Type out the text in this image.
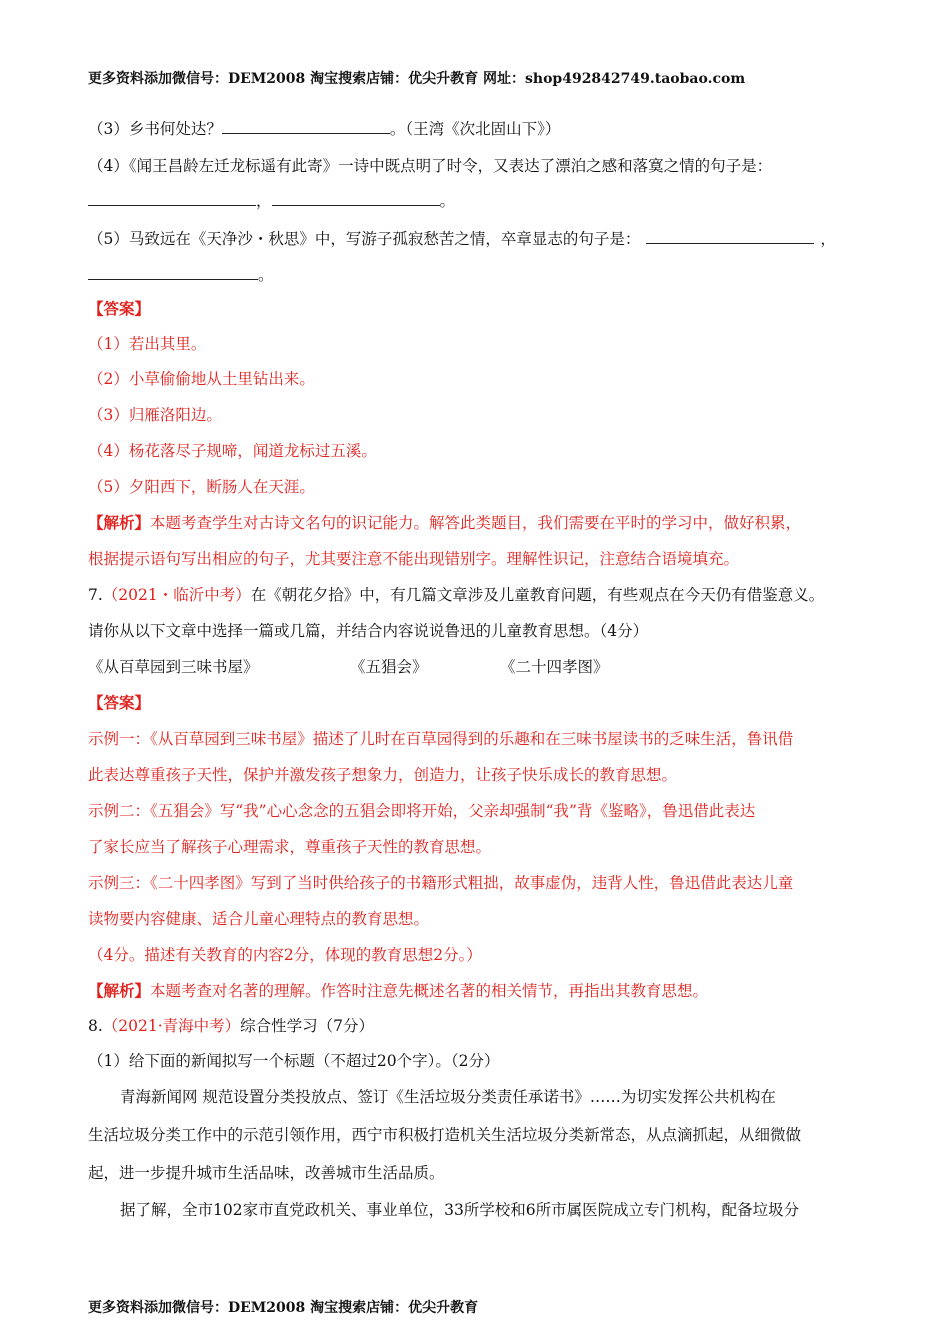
更多资料添加微信号：DEM2008 淘宝搜索店铺：优尖升教育 网址：shop492842749.taobao.com
（3）乡书何处达？	。（王湾《次北固山下》）
（4）《闻王昌龄左迁龙标遥有此寄》一诗中既点明了时令，又表达了漂泊之感和落寞之情的句子是：
，	。
（5）马致远在《天净沙・秋思》中，写游子孤寂愁苦之情，卒章显志的句子是：	，
。
【答案】
（1）若出其里。
（2）小草偷偷地从土里钻出来。
（3）归雁洛阳边。
（4）杨花落尽子规啼，闻道龙标过五溪。
（5）夕阳西下，断肠人在天涯。
【解析】本题考查学生对古诗文名句的识记能力。解答此类题目，我们需要在平时的学习中，做好积累，
根据提示语句写出相应的句子，尤其要注意不能出现错别字。理解性识记，注意结合语境填充。
7.（2021・临沂中考）在《朝花夕拾》中，有几篇文章涉及儿童教育问题，有些观点在今天仍有借鉴意义。
请你从以下文章中选择一篇或几篇，并结合内容说说鲁迅的儿童教育思想。（4分）
《从百草园到三味书屋》	《五猖会》	《二十四孝图》
【答案】
示例一：《从百草园到三味书屋》描述了儿时在百草园得到的乐趣和在三味书屋读书的乏味生活，鲁讯借
此表达尊重孩子天性，保护并激发孩子想象力，创造力，让孩子快乐成长的教育思想。
示例二：《五猖会》写“我”心心念念的五猖会即将开始，父亲却强制“我”背《鉴略》，鲁迅借此表达
了家长应当了解孩子心理需求，尊重孩子天性的教育思想。
示例三：《二十四孝图》写到了当时供给孩子的书籍形式粗拙，故事虚伪，违背人性，鲁迅借此表达儿童
读物要内容健康、适合儿童心理特点的教育思想。
（4分。描述有关教育的内容2分，体现的教育思想2分。）
【解析】本题考查对名著的理解。作答时注意先概述名著的相关情节，再指出其教育思想。
8.（2021·青海中考）综合性学习（7分）
（1）给下面的新闻拟写一个标题（不超过20个字）。（2分）
青海新闻网 规范设置分类投放点、签订《生活垃圾分类责任承诺书》……为切实发挥公共机构在
生活垃圾分类工作中的示范引领作用，西宁市积极打造机关生活垃圾分类新常态，从点滴抓起，从细微做
起，进一步提升城市生活品味，改善城市生活品质。
据了解，全市102家市直党政机关、事业单位，33所学校和6所市属医院成立专门机构，配备垃圾分
更多资料添加微信号：DEM2008 淘宝搜索店铺：优尖升教育
